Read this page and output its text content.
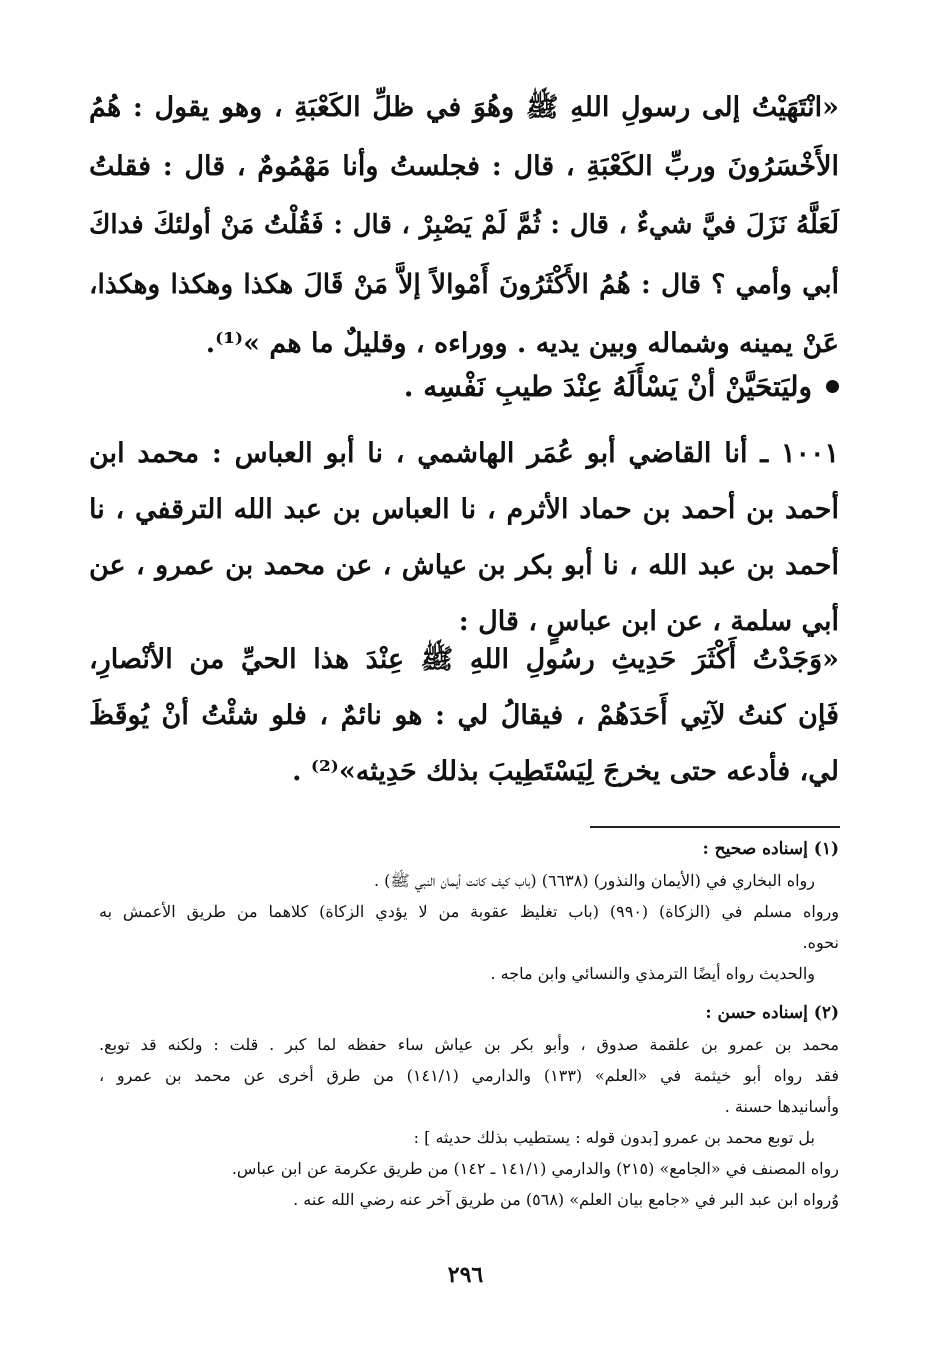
«انْتَهَيْتُ إلى رسولِ اللهِ ﷺ وهُوَ في ظلِّ الكَعْبَةِ ، وهو يقول : هُمُ
الأَخْسَرُونَ وربِّ الكَعْبَةِ ، قال : فجلستُ وأنا مَهْمُومٌ ، قال : فقلتُ
لَعَلَّهُ نَزَلَ فيَّ شيءٌ ، قال : ثُمَّ لَمْ يَصْبِرْ ، قال : فَقُلْتُ مَنْ أولئكَ فداكَ
أبي وأمي ؟ قال : هُمُ الأَكْثَرُونَ أَمْوالاً إلاَّ مَنْ قَالَ هكذا وهكذا وهكذا،
عَنْ يمينه وشماله وبين يديه . ووراءه ، وقليلٌ ما هم »⁽¹⁾.
وليَتحَيَّنْ أنْ يَسْأَلَهُ عِنْدَ طيبِ نَفْسِه .
١٠٠١ ـ أنا القاضي أبو عُمَر الهاشمي ، نا أبو العباس : محمد ابن
أحمد بن أحمد بن حماد الأثرم ، نا العباس بن عبد الله الترقفي ، نا
أحمد بن عبد الله ، نا أبو بكر بن عياش ، عن محمد بن عمرو ، عن
أبي سلمة ، عن ابن عباسٍ ، قال :
«وَجَدْتُ أَكْثَرَ حَدِيثِ رسُولِ اللهِ ﷺ عِنْدَ هذا الحيِّ من الأنْصارِ،
فَإن كنتُ لآتِي أَحَدَهُمْ ، فيقالُ لي : هو نائمٌ ، فلو شئْتُ أنْ يُوقَظَ
لي، فأدعه حتى يخرجَ لِيَسْتَطِيبَ بذلك حَدِيثه»⁽²⁾ .
(١) إسناده صحيح :
رواه البخاري في (الأيمان والنذور) (٦٦٣٨) (باب كيف كانت أيمان النبي ﷺ) .
ورواه مسلم في (الزكاة) (٩٩٠) (باب تغليظ عقوبة من لا يؤدي الزكاة) كلاهما من طريق الأعمش به
نحوه.
والحديث رواه أيضًا الترمذي والنسائي وابن ماجه .
(٢) إسناده حسن :
محمد بن عمرو بن علقمة صدوق ، وأبو بكر بن عياش ساء حفظه لما كبر . قلت : ولكنه قد توبع.
فقد رواه أبو خيثمة في «العلم» (١٣٣) والدارمي (١٤١/١) من طرق أخرى عن محمد بن عمرو ،
وأسانيدها حسنة .
بل توبع محمد بن عمرو [بدون قوله : يستطيب بذلك حديثه ] :
رواه المصنف في «الجامع» (٢١٥) والدارمي (١٤١/١ ـ ١٤٢) من طريق عكرمة عن ابن عباس.
وُرواه ابن عبد البر في «جامع بيان العلم» (٥٦٨) من طريق آخر عنه رضي الله عنه .
٢٩٦
